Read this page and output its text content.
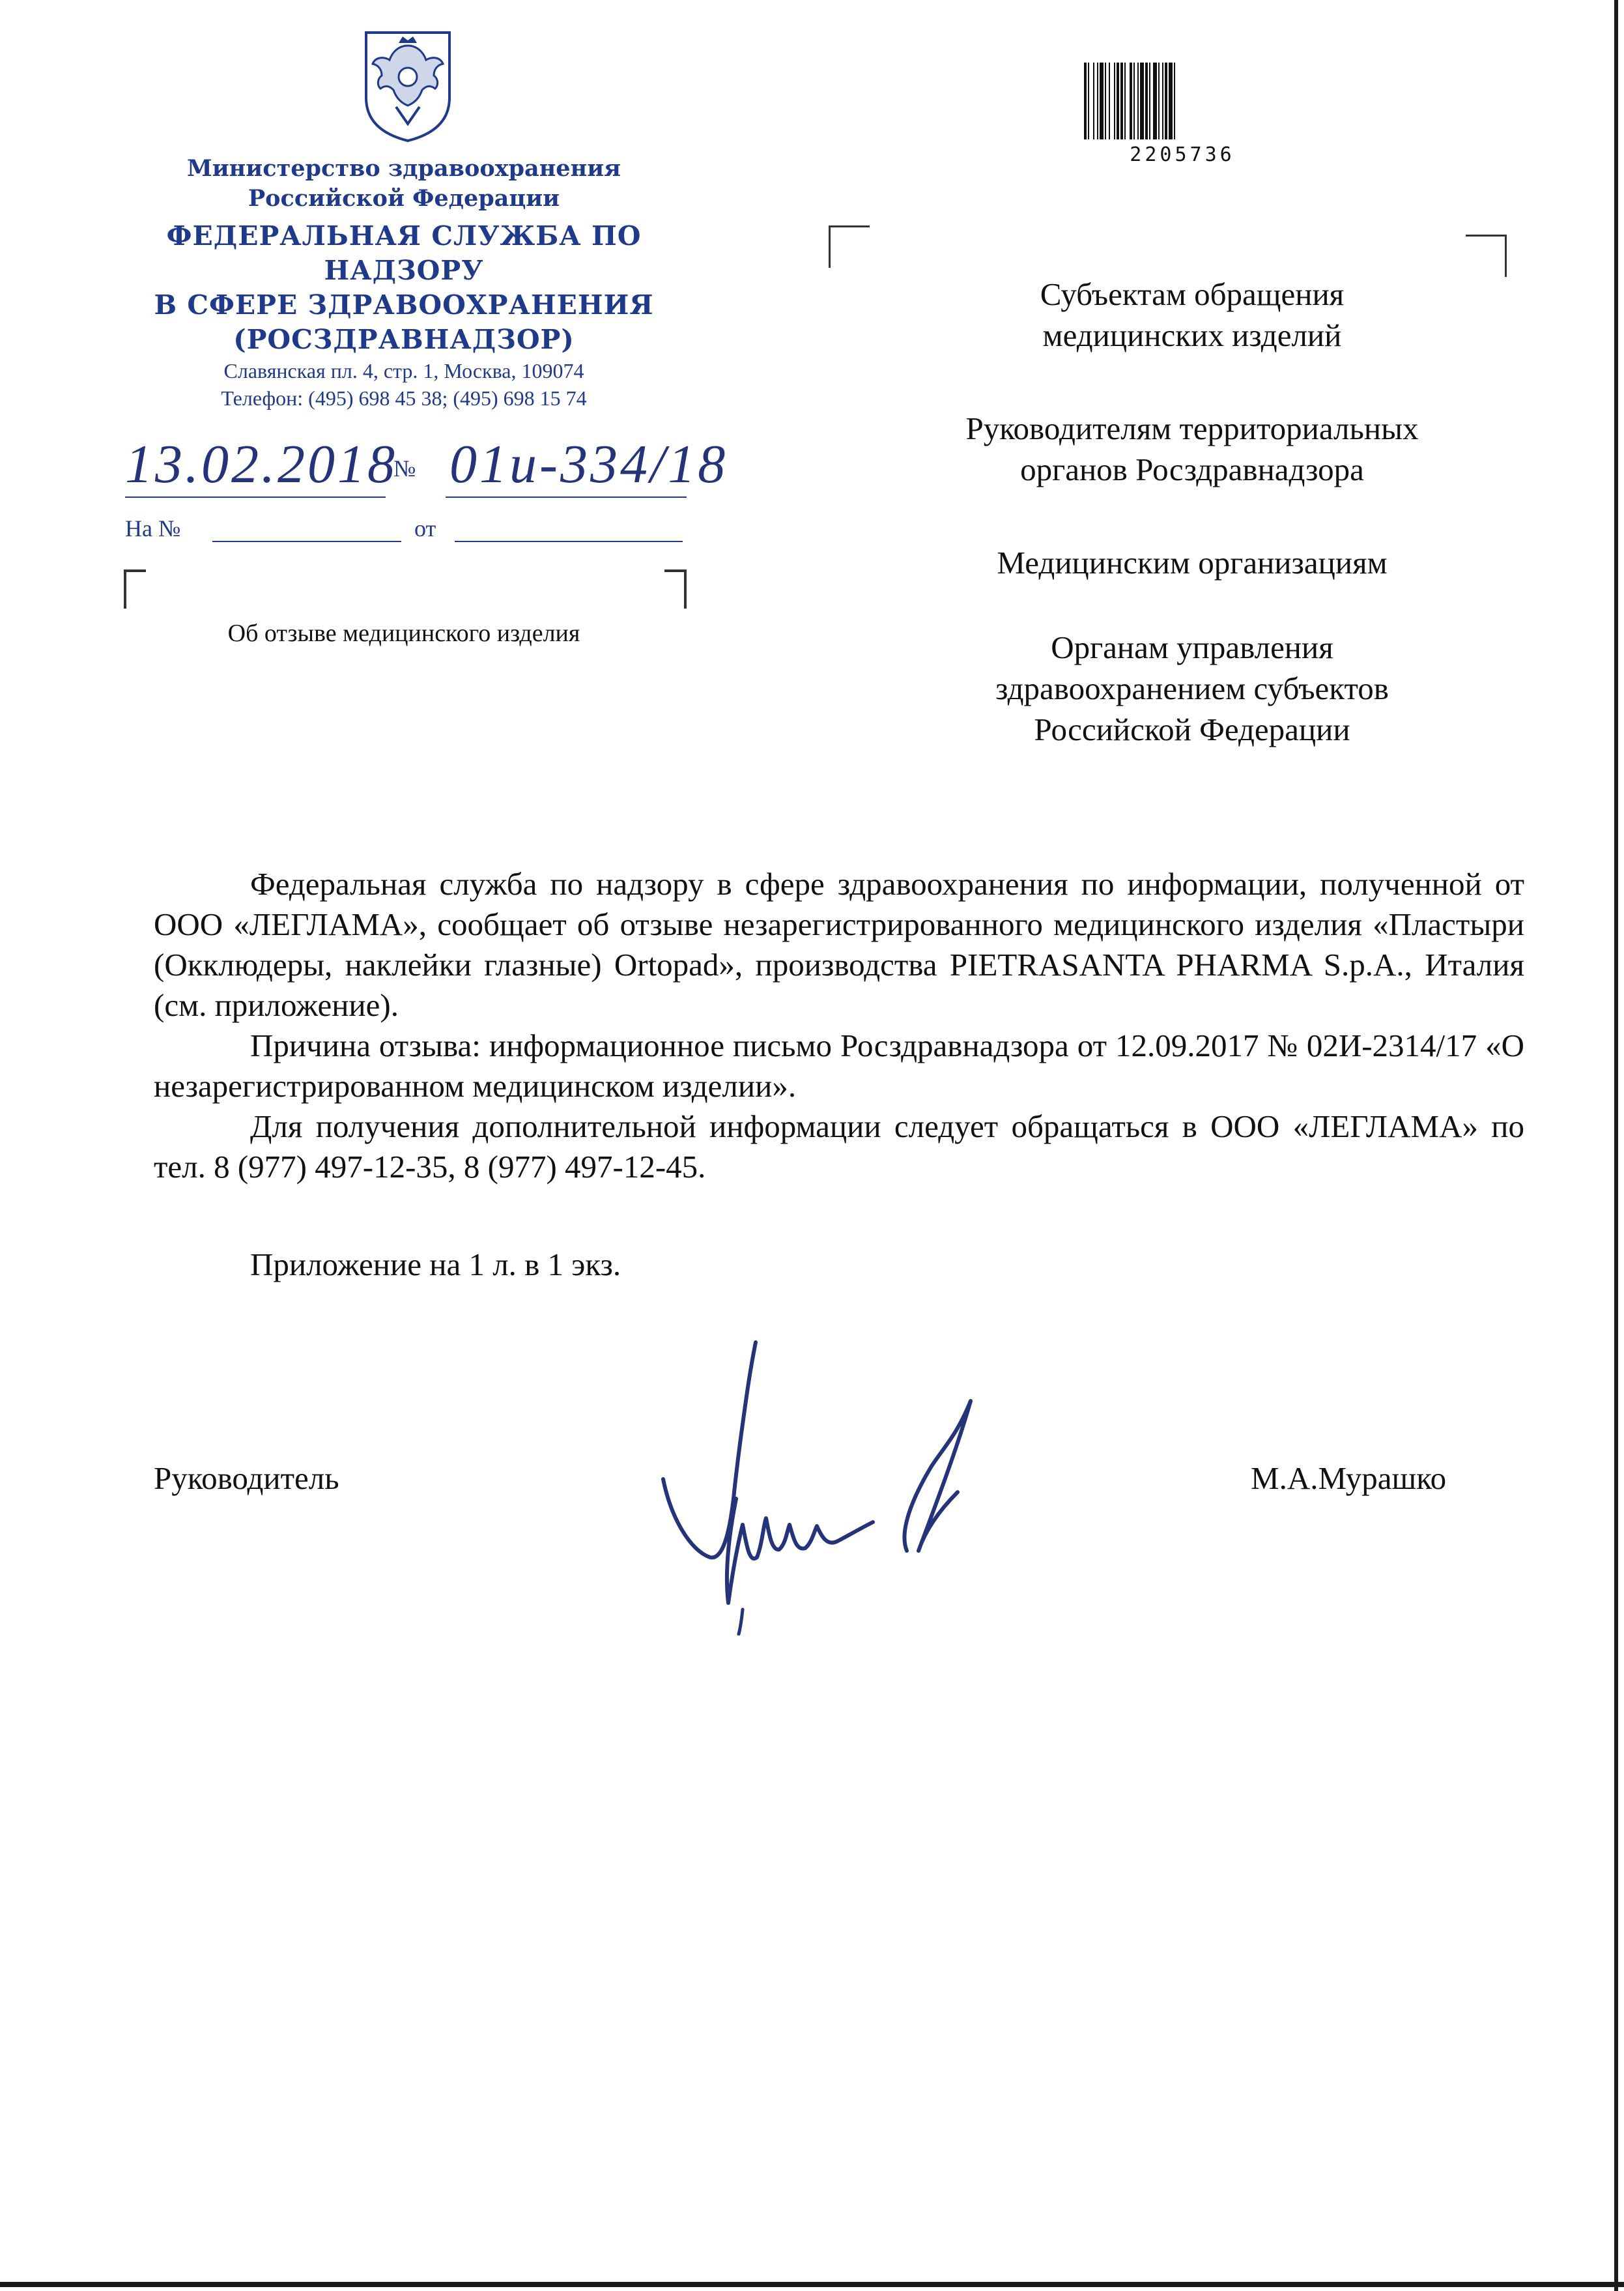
Министерство здравоохранения
Российской Федерации
ФЕДЕРАЛЬНАЯ СЛУЖБА ПО НАДЗОРУ
В СФЕРЕ ЗДРАВООХРАНЕНИЯ
(РОСЗДРАВНАДЗОР)
Славянская пл. 4, стр. 1, Москва, 109074
Телефон: (495) 698 45 38; (495) 698 15 74
2205736
13.02.2018
№ 01и-334/18
На №	от
Об отзыве медицинского изделия
Субъектам обращения
медицинских изделий
Руководителям территориальных
органов Росздравнадзора
Медицинским организациям
Органам управления
здравоохранением субъектов
Российской Федерации
Федеральная служба по надзору в сфере здравоохранения по информации, полученной от ООО «ЛЕГЛАМА», сообщает об отзыве незарегистрированного медицинского изделия «Пластыри (Окклюдеры, наклейки глазные) Ortopad», производства PIETRASANTA PHARMA S.p.A., Италия (см. приложение).
Причина отзыва: информационное письмо Росздравнадзора от 12.09.2017 № 02И-2314/17 «О незарегистрированном медицинском изделии».
Для получения дополнительной информации следует обращаться в ООО «ЛЕГЛАМА» по тел. 8 (977) 497-12-35, 8 (977) 497-12-45.
Приложение на 1 л. в 1 экз.
Руководитель	М.А.Мурашко
